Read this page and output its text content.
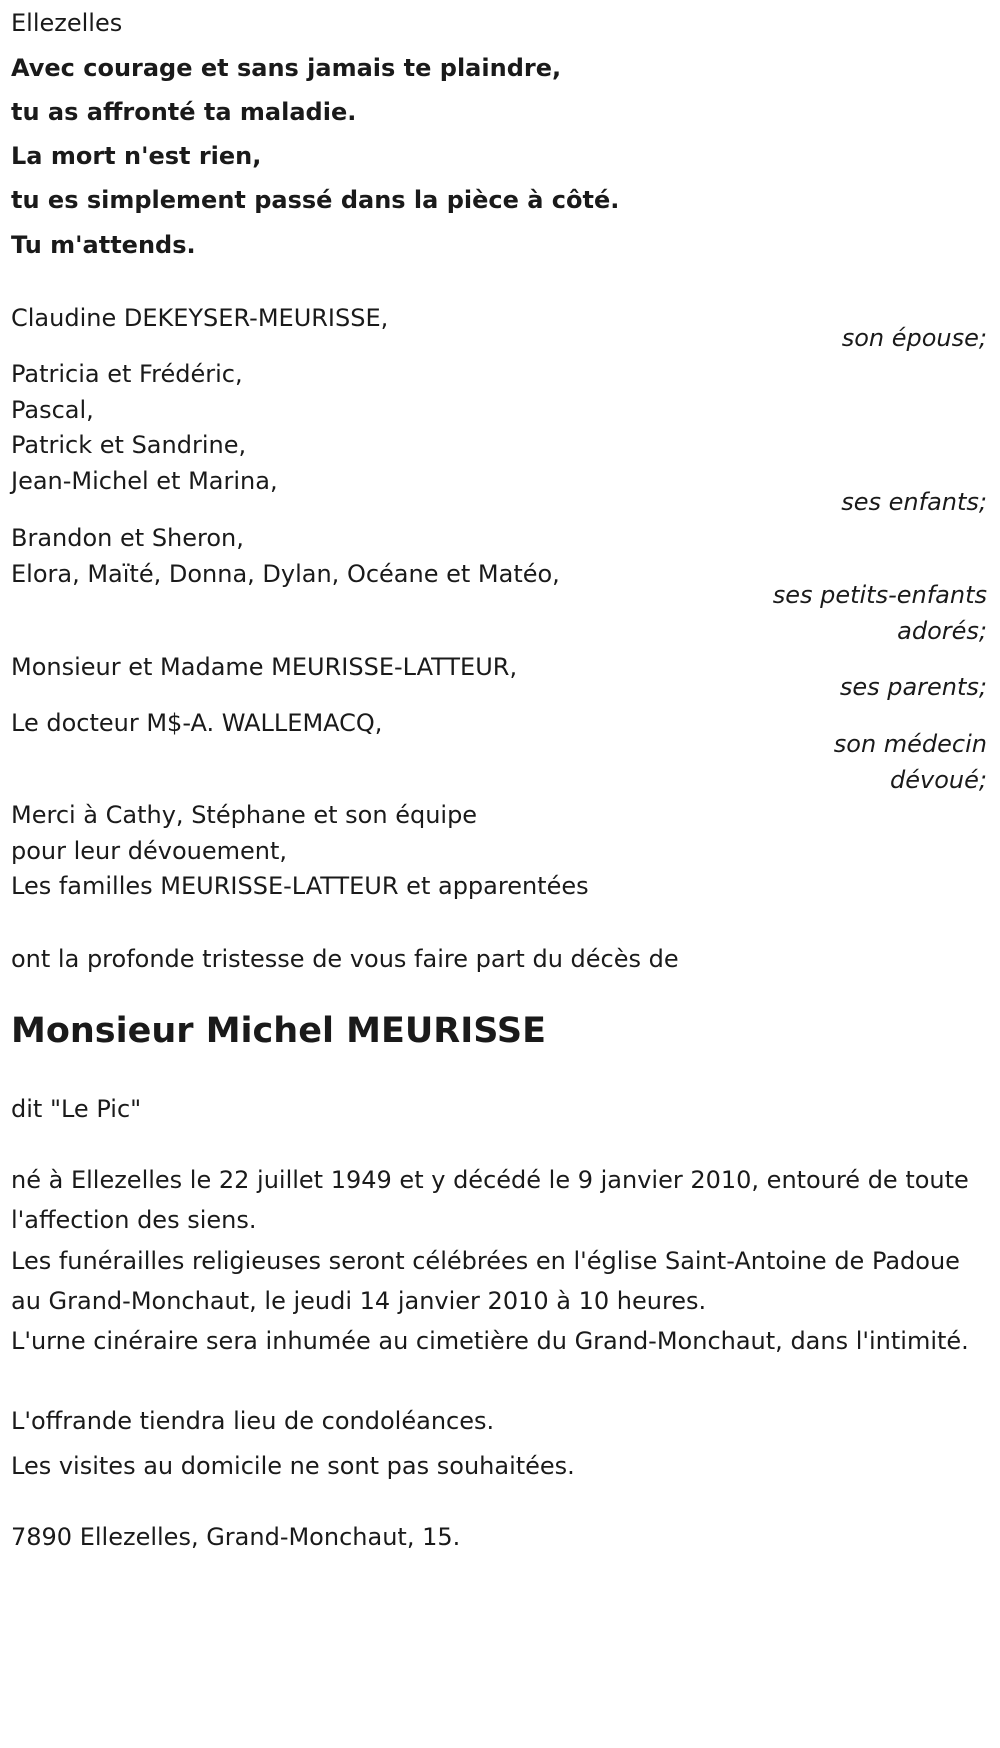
Ellezelles
Avec courage et sans jamais te plaindre,
tu as affronté ta maladie.
La mort n'est rien,
tu es simplement passé dans la pièce à côté.
Tu m'attends.
Claudine DEKEYSER-MEURISSE,
son épouse;
Patricia et Frédéric,
Pascal,
Patrick et Sandrine,
Jean-Michel et Marina,
ses enfants;
Brandon et Sheron,
Elora, Maïté, Donna, Dylan, Océane et Matéo,
ses petits-enfants
adorés;
Monsieur et Madame MEURISSE-LATTEUR,
ses parents;
Le docteur M$-A. WALLEMACQ,
son médecin
dévoué;
Merci à Cathy, Stéphane et son équipe
pour leur dévouement,
Les familles MEURISSE-LATTEUR et apparentées
ont la profonde tristesse de vous faire part du décès de
Monsieur Michel MEURISSE
dit "Le Pic"
né à Ellezelles le 22 juillet 1949 et y décédé le 9 janvier 2010, entouré de toute l'affection des siens.
Les funérailles religieuses seront célébrées en l'église Saint-Antoine de Padoue au Grand-Monchaut, le jeudi 14 janvier 2010 à 10 heures.
L'urne cinéraire sera inhumée au cimetière du Grand-Monchaut, dans l'intimité.
L'offrande tiendra lieu de condoléances.
Les visites au domicile ne sont pas souhaitées.
7890 Ellezelles, Grand-Monchaut, 15.
